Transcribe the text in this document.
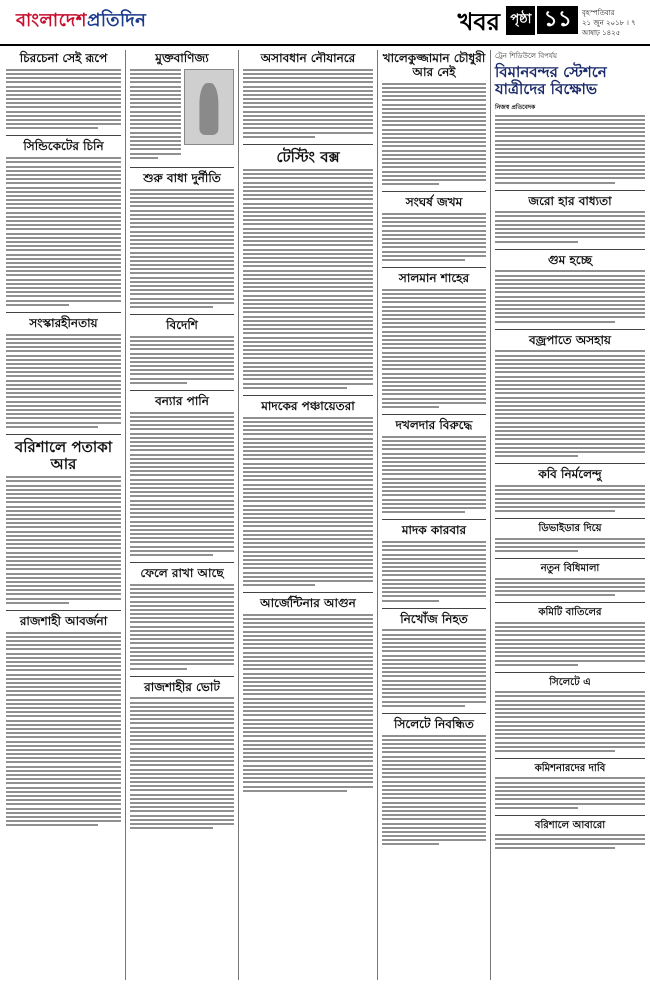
বাংলাদেশপ্রতিদিন	খবর পৃষ্ঠা ১১	বৃহস্পতিবার
২১ জুন ২০১৮ । ৭ আষাঢ় ১৪২৫
চিরচেনা সেই রূপে
সিন্ডিকেটের চিনি
সংস্কারহীনতায়
বরিশালে পতাকা আর
রাজশাহী আবর্জনা
মুক্তবাণিজ্য
শুরু বাধা দুর্নীতি
বিদেশি
বন্যার পানি
ফেলে রাখা আছে
রাজশাহীর ভোট
অসাবধান নৌযানরে
টেস্টিং বক্স
মাদকের পঞ্চায়েতরা
আর্জেন্টিনার আগুন
খালেকুজ্জামান চৌধুরী আর নেই
সংঘর্ষ জখম
সালমান শাহের
দখলদার বিরুদ্ধে
মাদক কারবার
নিখোঁজ নিহত
সিলেটে নিবন্ধিত
ট্রেন শিডিউলে বিপর্যয়
বিমানবন্দর স্টেশনে যাত্রীদের বিক্ষোভ
নিজস্ব প্রতিবেদক
জরো হার বাধ্যতা
গুম হচ্ছে
বজ্রপাতে অসহায়
কবি নির্মলেন্দু
ডিভাইডার দিয়ে
নতুন বিধিমালা
কমিটি বাতিলের
সিলেটে এ
কমিশনারদের দাবি
বরিশালে আবারো
